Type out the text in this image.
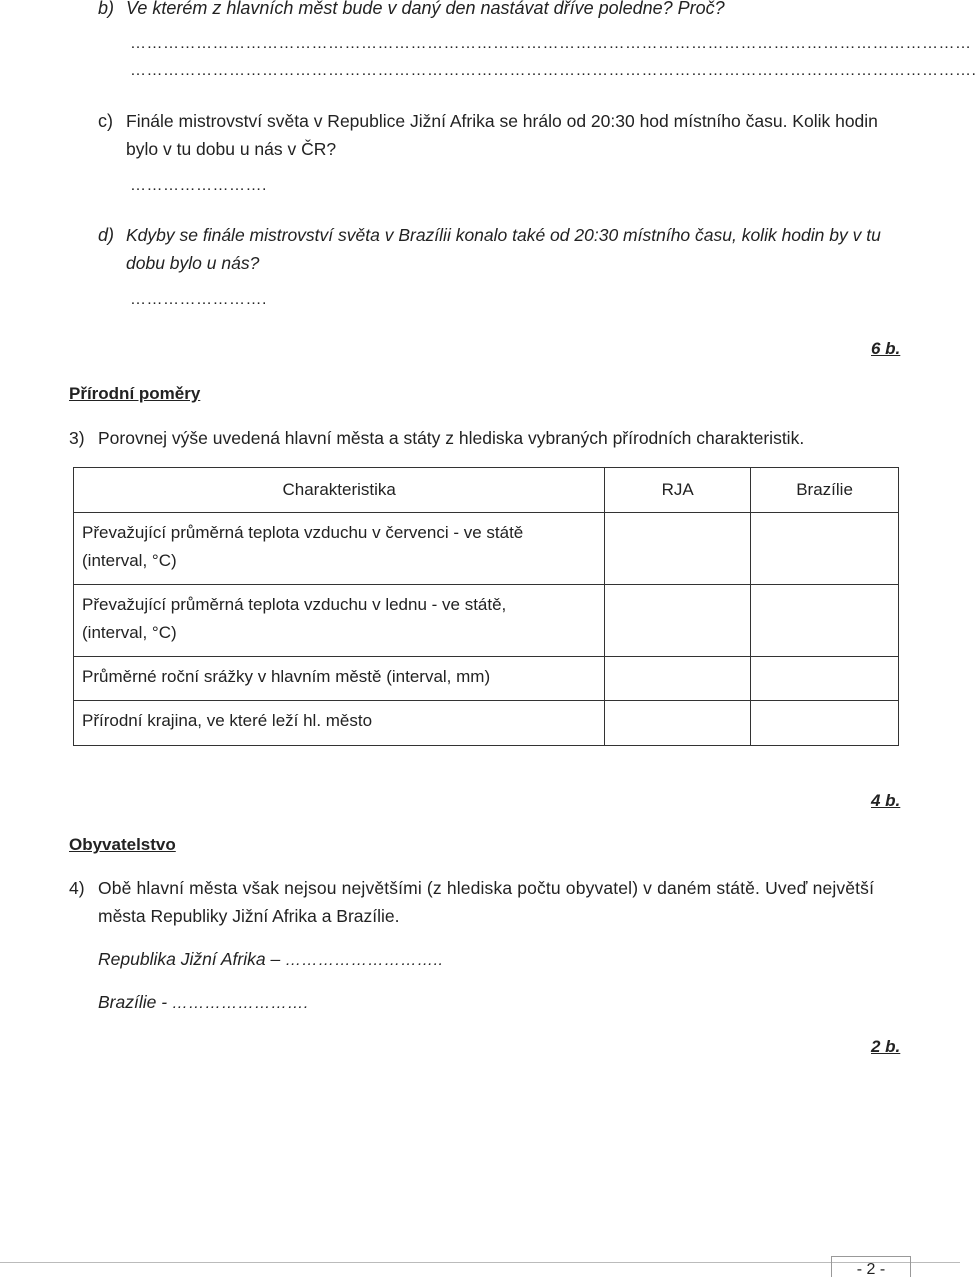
b) Ve kterém z hlavních měst bude v daný den nastávat dříve poledne? Proč?
………………………………………………………………………………………………………………………………………
……………………………………………………………………………………………………………………………………….
c) Finále mistrovství světa v Republice Jižní Afrika se hrálo od 20:30 hod místního času. Kolik hodin
bylo v tu dobu u nás v ČR?
…………………….
d) Kdyby se finále mistrovství světa v Brazílii konalo také od 20:30 místního času, kolik hodin by v tu
dobu bylo u nás?
…………………….
6 b.
Přírodní poměry
3) Porovnej výše uvedená hlavní města a státy z hlediska vybraných přírodních charakteristik.
Charakteristika	RJA	Brazílie

Převažující průměrná teplota vzduchu v červenci - ve státě
(interval, °C)		

Převažující průměrná teplota vzduchu v lednu - ve státě,
(interval, °C)		

Průměrné roční srážky v hlavním městě (interval, mm)		

Přírodní krajina, ve které leží hl. město		

4 b.
Obyvatelstvo
4) Obě hlavní města však nejsou největšími (z hlediska počtu obyvatel) v daném státě. Uveď největší
města Republiky Jižní Afrika a Brazílie.
Republika Jižní Afrika – ………………………..
Brazílie - …………………….
2 b.
- 2 -
